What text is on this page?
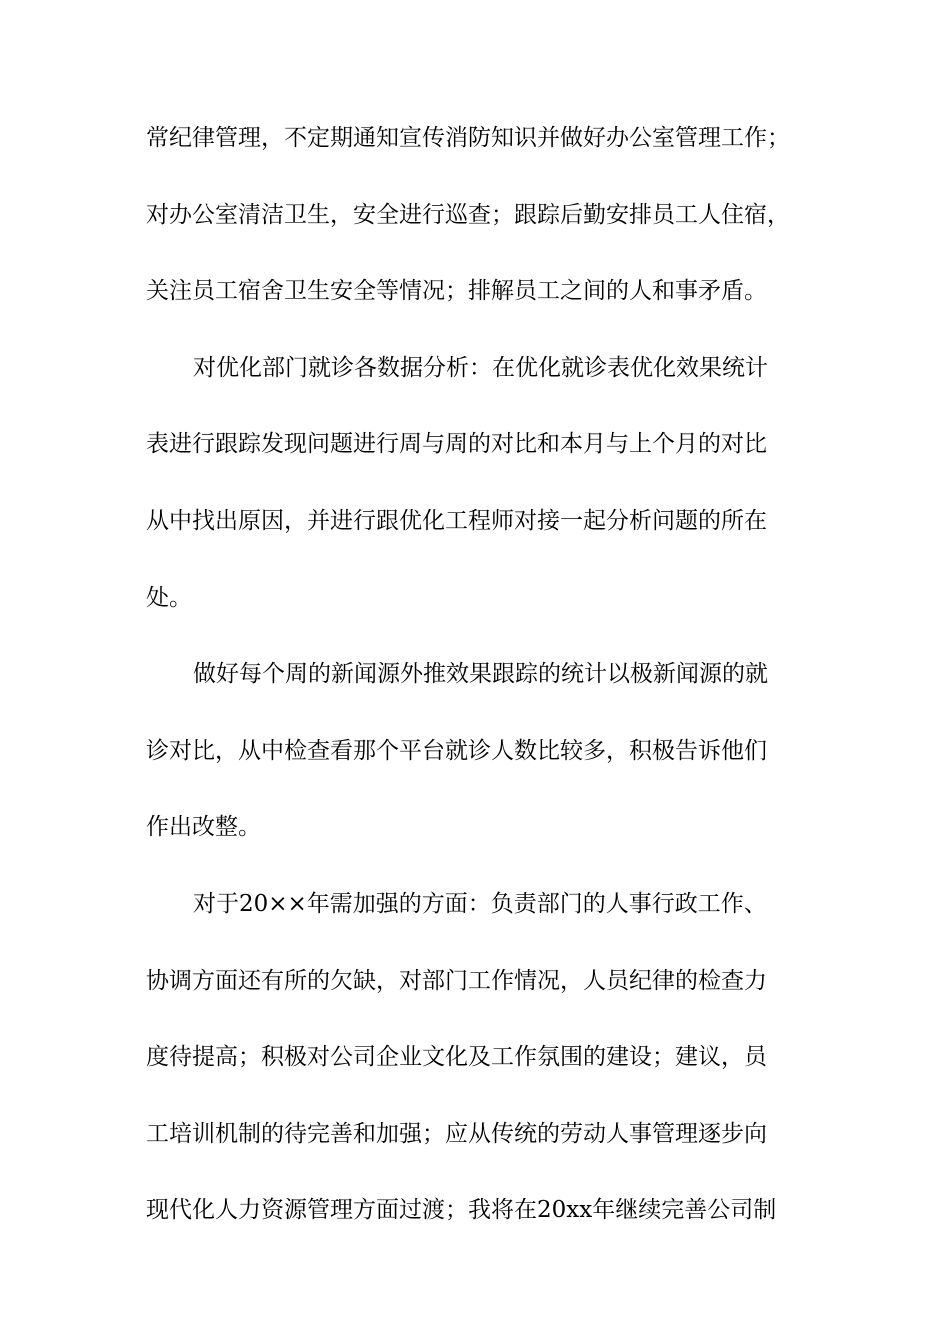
常纪律管理，不定期通知宣传消防知识并做好办公室管理工作；
对办公室清洁卫生，安全进行巡查；跟踪后勤安排员工人住宿，
关注员工宿舍卫生安全等情况；排解员工之间的人和事矛盾。

对优化部门就诊各数据分析：在优化就诊表优化效果统计
表进行跟踪发现问题进行周与周的对比和本月与上个月的对比
从中找出原因，并进行跟优化工程师对接一起分析问题的所在
处。

做好每个周的新闻源外推效果跟踪的统计以极新闻源的就
诊对比，从中检查看那个平台就诊人数比较多，积极告诉他们
作出改整。

对于20××年需加强的方面：负责部门的人事行政工作、
协调方面还有所的欠缺，对部门工作情况，人员纪律的检查力
度待提高；积极对公司企业文化及工作氛围的建设；建议，员
工培训机制的待完善和加强；应从传统的劳动人事管理逐步向
现代化人力资源管理方面过渡；我将在20xx年继续完善公司制
